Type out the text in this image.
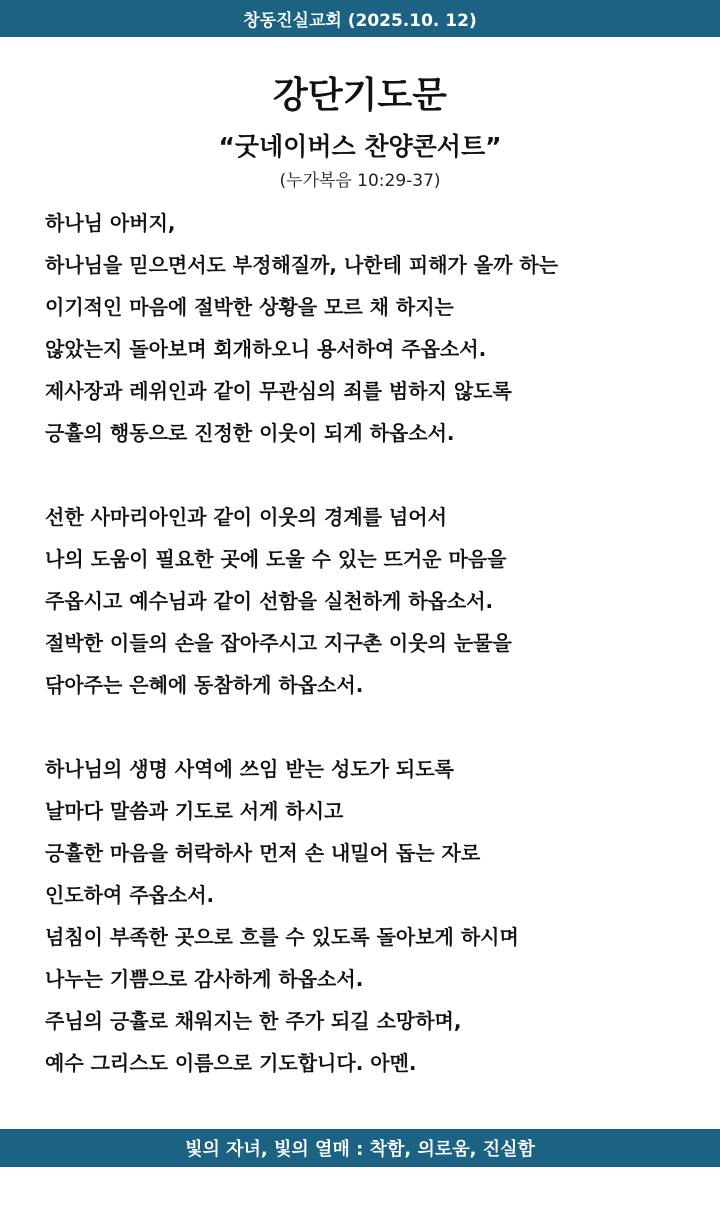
창동진실교회 (2025.10. 12)
강단기도문
“굿네이버스 찬양콘서트”
(누가복음 10:29-37)
하나님 아버지,
하나님을 믿으면서도 부정해질까, 나한테 피해가 올까 하는
이기적인 마음에 절박한 상황을 모르 채 하지는
않았는지 돌아보며 회개하오니 용서하여 주옵소서.
제사장과 레위인과 같이 무관심의 죄를 범하지 않도록
긍휼의 행동으로 진정한 이웃이 되게 하옵소서.
선한 사마리아인과 같이 이웃의 경계를 넘어서
나의 도움이 필요한 곳에 도울 수 있는 뜨거운 마음을
주옵시고 예수님과 같이 선함을 실천하게 하옵소서.
절박한 이들의 손을 잡아주시고 지구촌 이웃의 눈물을
닦아주는 은혜에 동참하게 하옵소서.
하나님의 생명 사역에 쓰임 받는 성도가 되도록
날마다 말씀과 기도로 서게 하시고
긍휼한 마음을 허락하사 먼저 손 내밀어 돕는 자로
인도하여 주옵소서.
넘침이 부족한 곳으로 흐를 수 있도록 돌아보게 하시며
나누는 기쁨으로 감사하게 하옵소서.
주님의 긍휼로 채워지는 한 주가 되길 소망하며,
예수 그리스도 이름으로 기도합니다. 아멘.
빛의 자녀, 빛의 열매 : 착함, 의로움, 진실함
